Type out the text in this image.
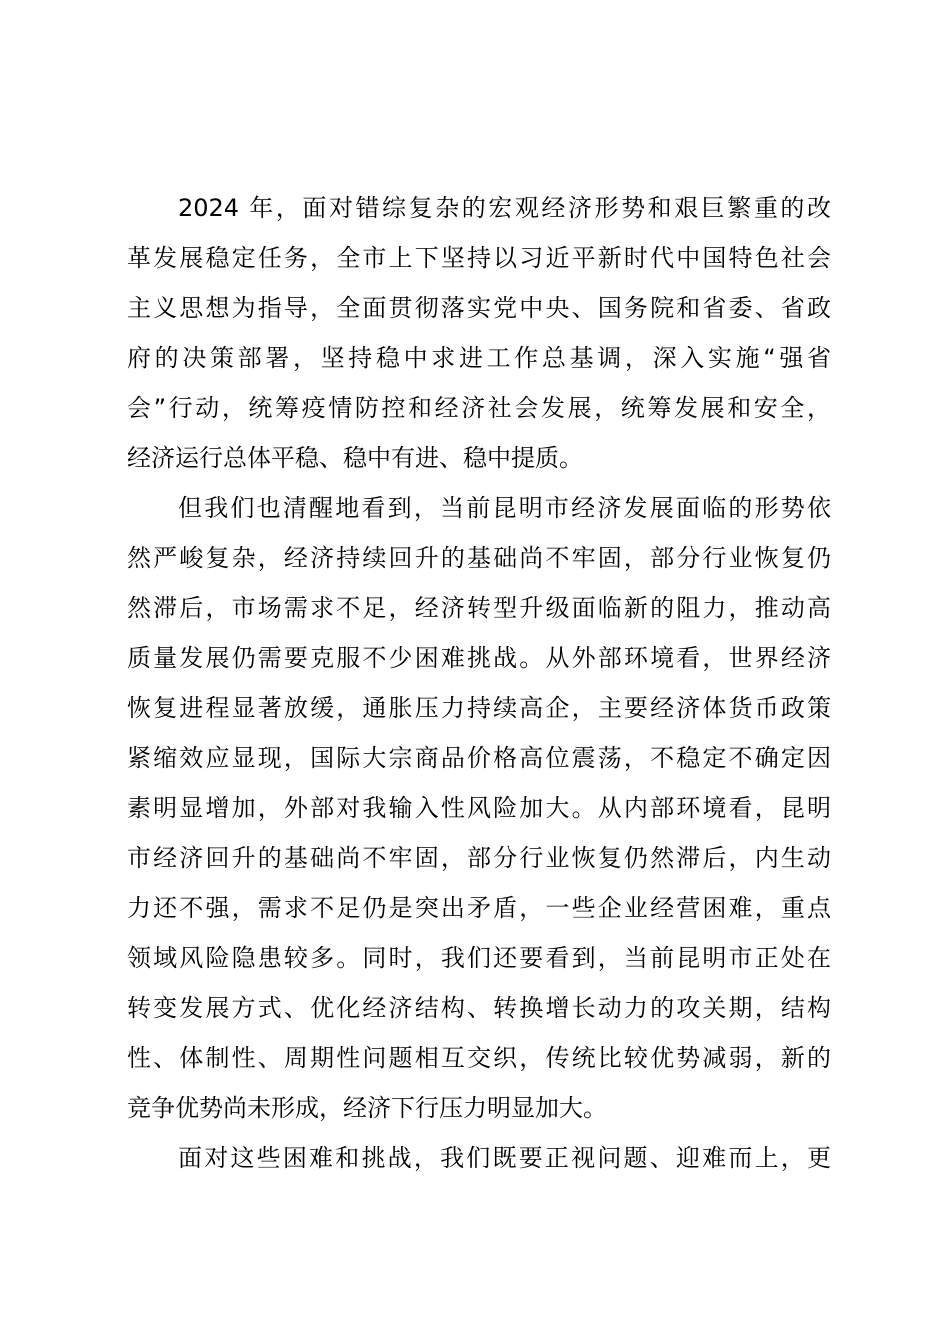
2024 年，面对错综复杂的宏观经济形势和艰巨繁重的改
革发展稳定任务，全市上下坚持以习近平新时代中国特色社会
主义思想为指导，全面贯彻落实党中央、国务院和省委、省政
府的决策部署，坚持稳中求进工作总基调，深入实施“强省
会”行动，统筹疫情防控和经济社会发展，统筹发展和安全，
经济运行总体平稳、稳中有进、稳中提质。
但我们也清醒地看到，当前昆明市经济发展面临的形势依
然严峻复杂，经济持续回升的基础尚不牢固，部分行业恢复仍
然滞后，市场需求不足，经济转型升级面临新的阻力，推动高
质量发展仍需要克服不少困难挑战。从外部环境看，世界经济
恢复进程显著放缓，通胀压力持续高企，主要经济体货币政策
紧缩效应显现，国际大宗商品价格高位震荡，不稳定不确定因
素明显增加，外部对我输入性风险加大。从内部环境看，昆明
市经济回升的基础尚不牢固，部分行业恢复仍然滞后，内生动
力还不强，需求不足仍是突出矛盾，一些企业经营困难，重点
领域风险隐患较多。同时，我们还要看到，当前昆明市正处在
转变发展方式、优化经济结构、转换增长动力的攻关期，结构
性、体制性、周期性问题相互交织，传统比较优势减弱，新的
竞争优势尚未形成，经济下行压力明显加大。
面对这些困难和挑战，我们既要正视问题、迎难而上，更
